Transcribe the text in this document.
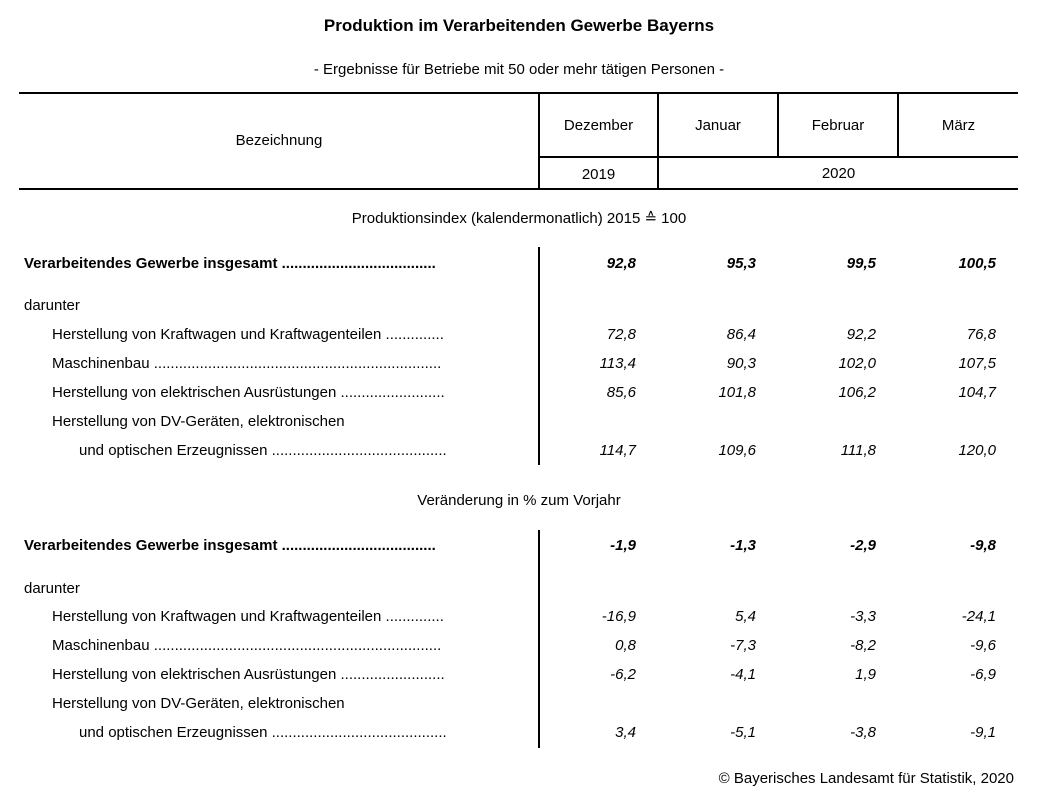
Produktion im Verarbeitenden Gewerbe Bayerns
- Ergebnisse für Betriebe mit 50 oder mehr tätigen Personen -
Bezeichnung
Dezember	Januar	Februar	März
2019	2020
Produktionsindex (kalendermonatlich) 2015 ≙ 100
Verarbeitendes Gewerbe insgesamt .....................................	92,8	95,3	99,5	100,5
darunter
Herstellung von Kraftwagen und Kraftwagenteilen ..............	72,8	86,4	92,2	76,8
Maschinenbau .....................................................................	113,4	90,3	102,0	107,5
Herstellung von elektrischen Ausrüstungen .........................	85,6	101,8	106,2	104,7
Herstellung von DV-Geräten, elektronischen
und optischen Erzeugnissen ..........................................	114,7	109,6	111,8	120,0
Veränderung in % zum Vorjahr
Verarbeitendes Gewerbe insgesamt .....................................	-1,9	-1,3	-2,9	-9,8
darunter
Herstellung von Kraftwagen und Kraftwagenteilen ..............	-16,9	5,4	-3,3	-24,1
Maschinenbau .....................................................................	0,8	-7,3	-8,2	-9,6
Herstellung von elektrischen Ausrüstungen .........................	-6,2	-4,1	1,9	-6,9
Herstellung von DV-Geräten, elektronischen
und optischen Erzeugnissen ..........................................	3,4	-5,1	-3,8	-9,1
© Bayerisches Landesamt für Statistik, 2020
